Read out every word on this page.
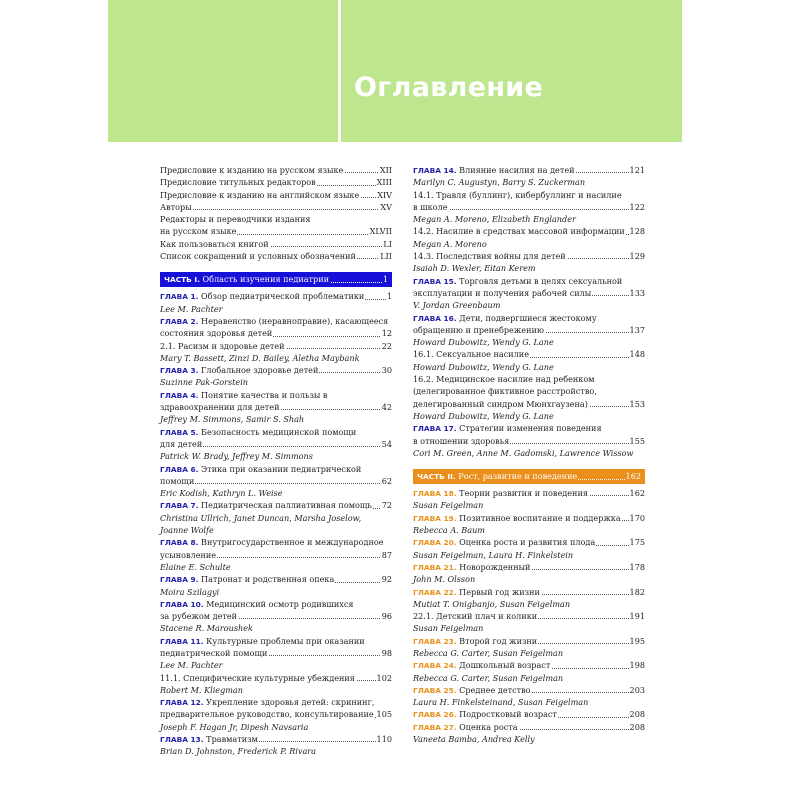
Оглавление
Предисловие к изданию на русском языке	XII
Предисловие титульных редакторов	XIII
Предисловие к изданию на английском языке XIV
Авторы	XV
Редакторы и переводчики издания
на русском языке	XLVII
Как пользоваться книгой	LI
Список сокращений и условных обозначений	LII
ЧАСТЬ I. Область изучения педиатрии	1
ГЛАВА 1. Обзор педиатрической проблематики	1
Lee M. Pachter
ГЛАВА 2. Неравенство (неравноправие), касающееся
состояния здоровья детей	12
2.1. Расизм и здоровье детей	22
Mary T. Bassett, Zinzi D. Bailey, Aletha Maybank
ГЛАВА 3. Глобальное здоровье детей	30
Suzinne Pak-Gorstein
ГЛАВА 4. Понятие качества и пользы в
здравоохранении для детей	42
Jeffrey M. Simmons, Samir S. Shah
ГЛАВА 5. Безопасность медицинской помощи
для детей	54
Patrick W. Brady, Jeffrey M. Simmons
ГЛАВА 6. Этика при оказании педиатрической
помощи	62
Eric Kodish, Kathryn L. Weise
ГЛАВА 7. Педиатрическая паллиативная помощь 72
Christina Ullrich, Janet Duncan, Marsha Joselow,
Joanne Wolfe
ГЛАВА 8. Внутригосударственное и международное
усыновление	87
Elaine E. Schulte
ГЛАВА 9. Патронат и родственная опека	92
Moira Szilagyi
ГЛАВА 10. Медицинский осмотр родившихся
за рубежом детей	96
Stacene R. Maroushek
ГЛАВА 11. Культурные проблемы при оказании
педиатрической помощи	98
Lee M. Pachter
11.1. Специфические культурные убеждения	102
Robert M. Kliegman
ГЛАВА 12. Укрепление здоровья детей: скрининг,
предварительное руководство, консультирование 105
Joseph F. Hagan Jr, Dipesh Navsaria
ГЛАВА 13. Травматизм	110
Brian D. Johnston, Frederick P. Rivara
ГЛАВА 14. Влияние насилия на детей	121
Marilyn C. Augustyn, Barry S. Zuckerman
14.1. Травля (буллинг), кибербуллинг и насилие
в школе	122
Megan A. Moreno, Elizabeth Englander
14.2. Насилие в средствах массовой информации 128
Megan A. Moreno
14.3. Последствия войны для детей	129
Isaiah D. Wexler, Eitan Kerem
ГЛАВА 15. Торговля детьми в целях сексуальной
эксплуатации и получения рабочей силы	133
V. Jordan Greenbaum
ГЛАВА 16. Дети, подвергшиеся жестокому
обращению и пренебрежению	137
Howard Dubowitz, Wendy G. Lane
16.1. Сексуальное насилие	148
Howard Dubowitz, Wendy G. Lane
16.2. Медицинское насилие над ребенком
(делегированное фиктивное расстройство,
делегированный синдром Мюнхгаузена)	153
Howard Dubowitz, Wendy G. Lane
ГЛАВА 17. Стратегии изменения поведения
в отношении здоровья	155
Cori M. Green, Anne M. Gadomski, Lawrence Wissow
ЧАСТЬ II. Рост, развитие и поведение	162
ГЛАВА 18. Теории развития и поведения	162
Susan Feigelman
ГЛАВА 19. Позитивное воспитание и поддержка 170
Rebecca A. Baum
ГЛАВА 20. Оценка роста и развития плода	175
Susan Feigelman, Laura H. Finkelstein
ГЛАВА 21. Новорожденный	178
John M. Olsson
ГЛАВА 22. Первый год жизни	182
Mutiat T. Onigbanjo, Susan Feigelman
22.1. Детский плач и колики	191
Susan Feigelman
ГЛАВА 23. Второй год жизни	195
Rebecca G. Carter, Susan Feigelman
ГЛАВА 24. Дошкольный возраст	198
Rebecca G. Carter, Susan Feigelman
ГЛАВА 25. Среднее детство	203
Laura H. Finkelsteinand, Susan Feigelman
ГЛАВА 26. Подростковый возраст	208
ГЛАВА 27. Оценка роста	208
Vaneeta Bamba, Andrea Kelly
